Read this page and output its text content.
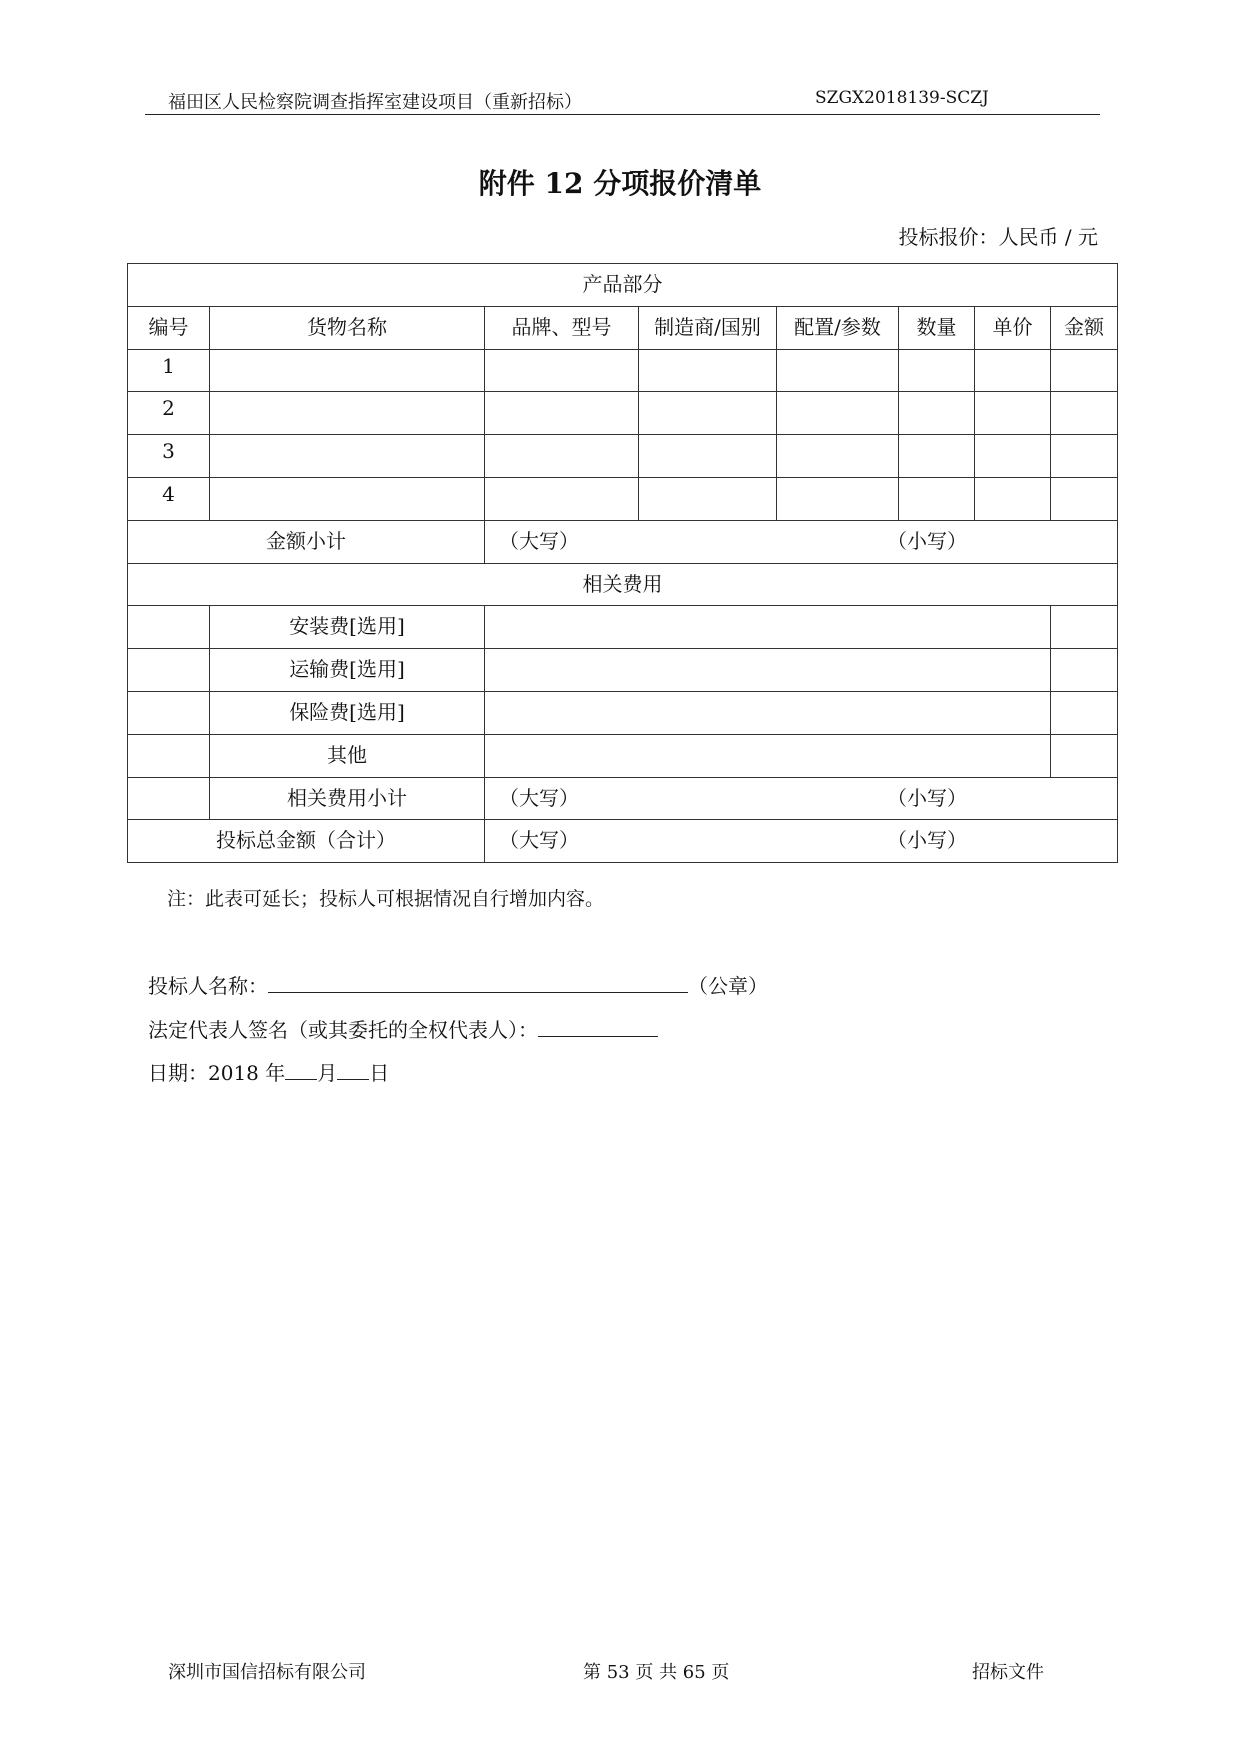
福田区人民检察院调查指挥室建设项目（重新招标）	SZGX2018139-SCZJ
附件 12 分项报价清单
投标报价：人民币 / 元
产品部分							
编号	货物名称	品牌、型号	制造商/国别	配置/参数	数量	单价	金额
1							
2							
3							
4							
金额小计		（大写） （小写）					

相关费用							
	安装费[选用]						
	运输费[选用]						
	保险费[选用]						
	其他						
	相关费用小计	（大写） （小写）					

投标总金额（合计）		（大写） （小写）					
注：此表可延长；投标人可根据情况自行增加内容。
投标人名称：	（公章）
法定代表人签名（或其委托的全权代表人）：
日期：2018 年 月 日
深圳市国信招标有限公司	第 53 页 共 65 页	招标文件
